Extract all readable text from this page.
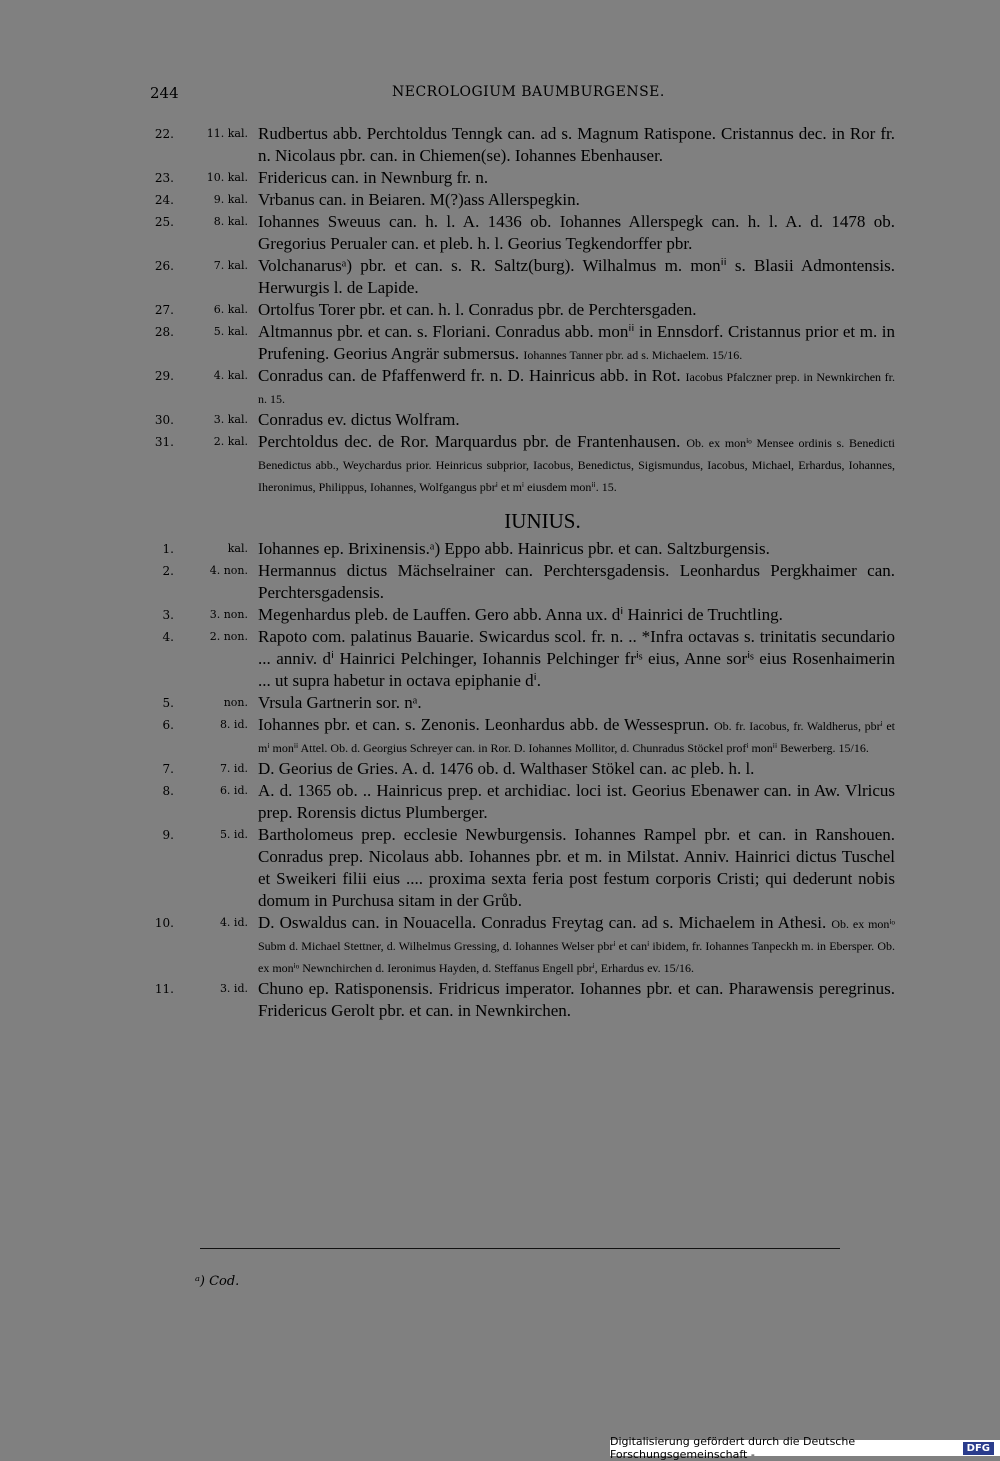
244	NECROLOGIUM BAUMBURGENSE.
22.	11. kal. Rudbertus abb. Perchtoldus Tenngk can. ad s. Magnum Ratispone. Cristannus dec. in Ror fr. n. Nicolaus pbr. can. in Chiemen(se). Iohannes Ebenhauser.
23.	10. kal. Fridericus can. in Newnburg fr. n.
24.	9. kal. Vrbanus can. in Beiaren. M(?)ass Allerspegkin.
25.	8. kal. Iohannes Sweuus can. h. l. A. 1436 ob. Iohannes Allerspegk can. h. l. A. d. 1478 ob. Gregorius Perualer can. et pleb. h. l. Georius Tegkendorffer pbr.
26.	7. kal. Volchanarusᵃ) pbr. et can. s. R. Saltz(burg). Wilhalmus m. monⁱⁱ s. Blasii Admontensis. Herwurgis l. de Lapide.
27.	6. kal. Ortolfus Torer pbr. et can. h. l. Conradus pbr. de Perchtersgaden.
28.	5. kal. Altmannus pbr. et can. s. Floriani. Conradus abb. monⁱⁱ in Ennsdorf. Cristannus prior et m. in Prufening. Georius Angrär submersus. Iohannes Tanner pbr. ad s. Michaelem. 15/16.
29.	4. kal. Conradus can. de Pfaffenwerd fr. n. D. Hainricus abb. in Rot. Iacobus Pfalczner prep. in Newnkirchen fr. n. 15.
30.	3. kal. Conradus ev. dictus Wolfram.
31.	2. kal. Perchtoldus dec. de Ror. Marquardus pbr. de Frantenhausen. Ob. ex monⁱᵒ Mensee ordinis s. Benedicti Benedictus abb., Weychardus prior. Heinricus subprior, Iacobus, Benedictus, Sigismundus, Iacobus, Michael, Erhardus, Iohannes, Iheronimus, Philippus, Iohannes, Wolfgangus pbrⁱ et mⁱ eiusdem monⁱⁱ. 15.
IUNIUS.
1.	kal. Iohannes ep. Brixinensis.ᵃ) Eppo abb. Hainricus pbr. et can. Saltzburgensis.
2.	4. non. Hermannus dictus Mächselrainer can. Perchtersgadensis. Leonhardus Pergkhaimer can. Perchtersgadensis.
3.	3. non. Megenhardus pleb. de Lauffen. Gero abb. Anna ux. dⁱ Hainrici de Truchtling.
4.	2. non. Rapoto com. palatinus Bauarie. Swicardus scol. fr. n. .. *Infra octavas s. trinitatis secundario ... anniv. dⁱ Hainrici Pelchinger, Iohannis Pelchinger frⁱˢ eius, Anne sorⁱˢ eius Rosenhaimerin ... ut supra habetur in octava epiphanie dⁱ.
5.	non. Vrsula Gartnerin sor. nᵃ.
6.	8. id. Iohannes pbr. et can. s. Zenonis. Leonhardus abb. de Wessesprun. Ob. fr. Iacobus, fr. Waldherus, pbrⁱ et mⁱ monⁱⁱ Attel. Ob. d. Georgius Schreyer can. in Ror. D. Iohannes Mollitor, d. Chunradus Stöckel profⁱ monⁱⁱ Bewerberg. 15/16.
7.	7. id. D. Georius de Gries. A. d. 1476 ob. d. Walthaser Stökel can. ac pleb. h. l.
8.	6. id. A. d. 1365 ob. .. Hainricus prep. et archidiac. loci ist. Georius Ebenawer can. in Aw. Vlricus prep. Rorensis dictus Plumberger.
9.	5. id. Bartholomeus prep. ecclesie Newburgensis. Iohannes Rampel pbr. et can. in Ranshouen. Conradus prep. Nicolaus abb. Iohannes pbr. et m. in Milstat. Anniv. Hainrici dictus Tuschel et Sweikeri filii eius .... proxima sexta feria post festum corporis Cristi; qui dederunt nobis domum in Purchusa sitam in der Grůb.
10.	4. id. D. Oswaldus can. in Nouacella. Conradus Freytag can. ad s. Michaelem in Athesi. Ob. ex monⁱᵒ Subm d. Michael Stettner, d. Wilhelmus Gressing, d. Iohannes Welser pbrⁱ et canⁱ ibidem, fr. Iohannes Tanpeckh m. in Ebersper. Ob. ex monⁱᵒ Newnchirchen d. Ieronimus Hayden, d. Steffanus Engell pbrⁱ, Erhardus ev. 15/16.
11.	3. id. Chuno ep. Ratisponensis. Fridricus imperator. Iohannes pbr. et can. Pharawensis peregrinus. Fridericus Gerolt pbr. et can. in Newnkirchen.
ᵃ) Cod.
Digitalisierung gefördert durch die Deutsche Forschungsgemeinschaft -	DFG
